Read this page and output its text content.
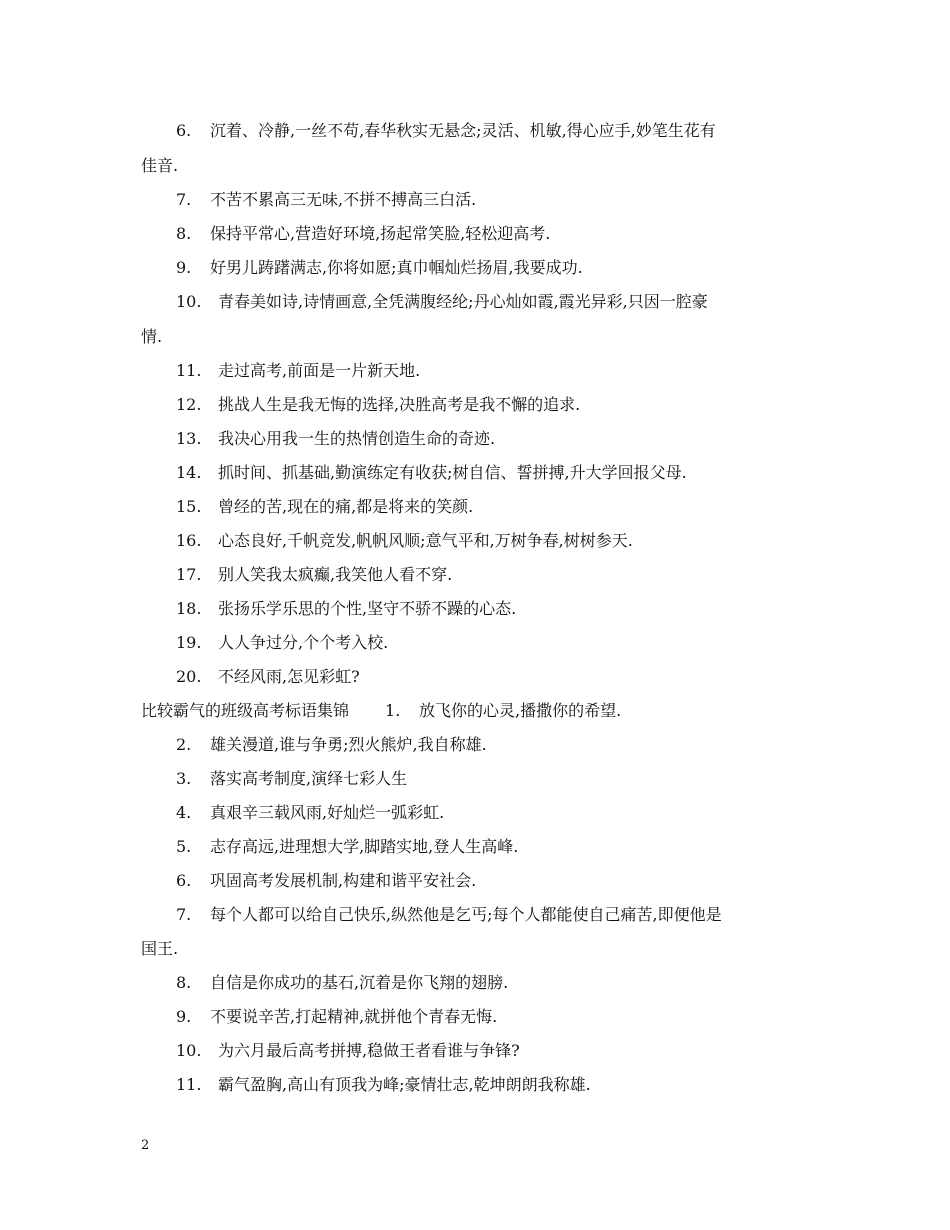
6. 沉着、冷静,一丝不苟,春华秋实无悬念;灵活、机敏,得心应手,妙笔生花有
佳音.
7. 不苦不累高三无味,不拼不搏高三白活.
8. 保持平常心,营造好环境,扬起常笑脸,轻松迎高考.
9. 好男儿踌躇满志,你将如愿;真巾帼灿烂扬眉,我要成功.
10. 青春美如诗,诗情画意,全凭满腹经纶;丹心灿如霞,霞光异彩,只因一腔豪
情.
11. 走过高考,前面是一片新天地.
12. 挑战人生是我无悔的选择,决胜高考是我不懈的追求.
13. 我决心用我一生的热情创造生命的奇迹.
14. 抓时间、抓基础,勤演练定有收获;树自信、誓拼搏,升大学回报父母.
15. 曾经的苦,现在的痛,都是将来的笑颜.
16. 心态良好,千帆竞发,帆帆风顺;意气平和,万树争春,树树参天.
17. 别人笑我太疯癫,我笑他人看不穿.
18. 张扬乐学乐思的个性,坚守不骄不躁的心态.
19. 人人争过分,个个考入校.
20. 不经风雨,怎见彩虹?
比较霸气的班级高考标语集锦 1. 放飞你的心灵,播撒你的希望.
2. 雄关漫道,谁与争勇;烈火熊炉,我自称雄.
3. 落实高考制度,演绎七彩人生
4. 真艰辛三载风雨,好灿烂一弧彩虹.
5. 志存高远,进理想大学,脚踏实地,登人生高峰.
6. 巩固高考发展机制,构建和谐平安社会.
7. 每个人都可以给自己快乐,纵然他是乞丐;每个人都能使自己痛苦,即便他是
国王.
8. 自信是你成功的基石,沉着是你飞翔的翅膀.
9. 不要说辛苦,打起精神,就拼他个青春无悔.
10. 为六月最后高考拼搏,稳做王者看谁与争锋?
11. 霸气盈胸,高山有顶我为峰;豪情壮志,乾坤朗朗我称雄.
2
